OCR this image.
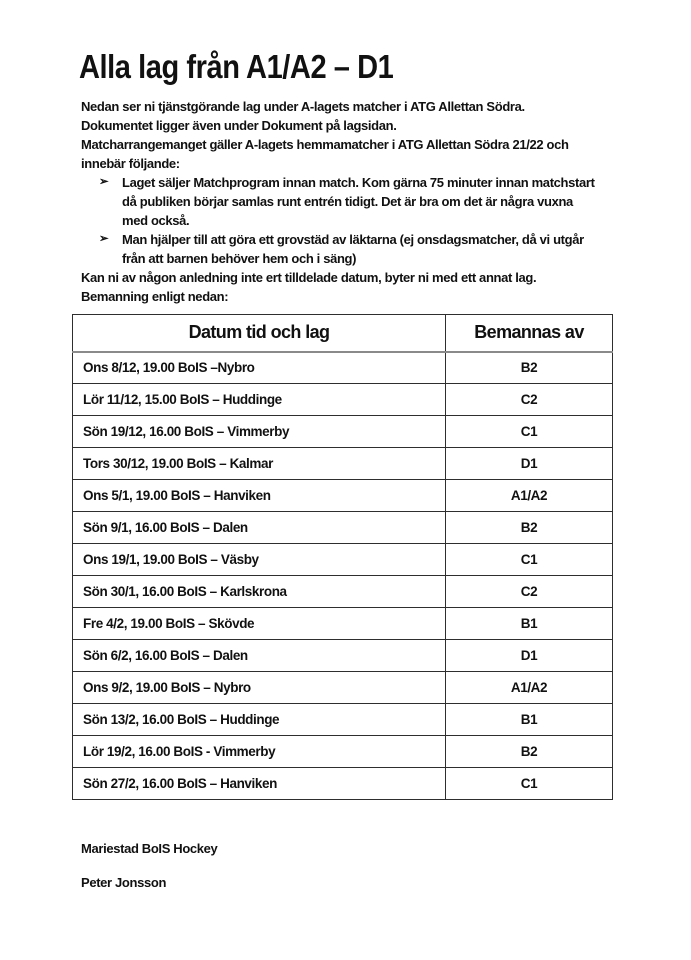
Alla lag från A1/A2 – D1

Nedan ser ni tjänstgörande lag under A-lagets matcher i ATG Allettan Södra.

Dokumentet ligger även under Dokument på lagsidan.

Matcharrangemanget gäller A-lagets hemmamatcher i ATG Allettan Södra 21/22 och innebär följande:

➢	Laget säljer Matchprogram innan match. Kom gärna 75 minuter innan matchstart då publiken börjar samlas runt entrén tidigt. Det är bra om det är några vuxna med också.
➢	Man hjälper till att göra ett grovstäd av läktarna (ej onsdagsmatcher, då vi utgår från att barnen behöver hem och i säng)

Kan ni av någon anledning inte ert tilldelade datum, byter ni med ett annat lag.

Bemanning enligt nedan:

Datum tid och lag	Bemannas av
Ons 8/12, 19.00 BoIS –Nybro	B2
Lör 11/12, 15.00 BoIS – Huddinge	C2
Sön 19/12, 16.00 BoIS – Vimmerby	C1
Tors 30/12, 19.00 BoIS – Kalmar	D1
Ons 5/1, 19.00 BoIS – Hanviken	A1/A2
Sön 9/1, 16.00 BoIS – Dalen	B2
Ons 19/1, 19.00 BoIS – Väsby	C1
Sön 30/1, 16.00 BoIS – Karlskrona	C2
Fre 4/2, 19.00 BoIS – Skövde	B1
Sön 6/2, 16.00 BoIS – Dalen	D1
Ons 9/2, 19.00 BoIS – Nybro	A1/A2
Sön 13/2, 16.00 BoIS – Huddinge	B1
Lör 19/2, 16.00 BoIS - Vimmerby	B2
Sön 27/2, 16.00 BoIS – Hanviken	C1

Mariestad BoIS Hockey

Peter Jonsson
